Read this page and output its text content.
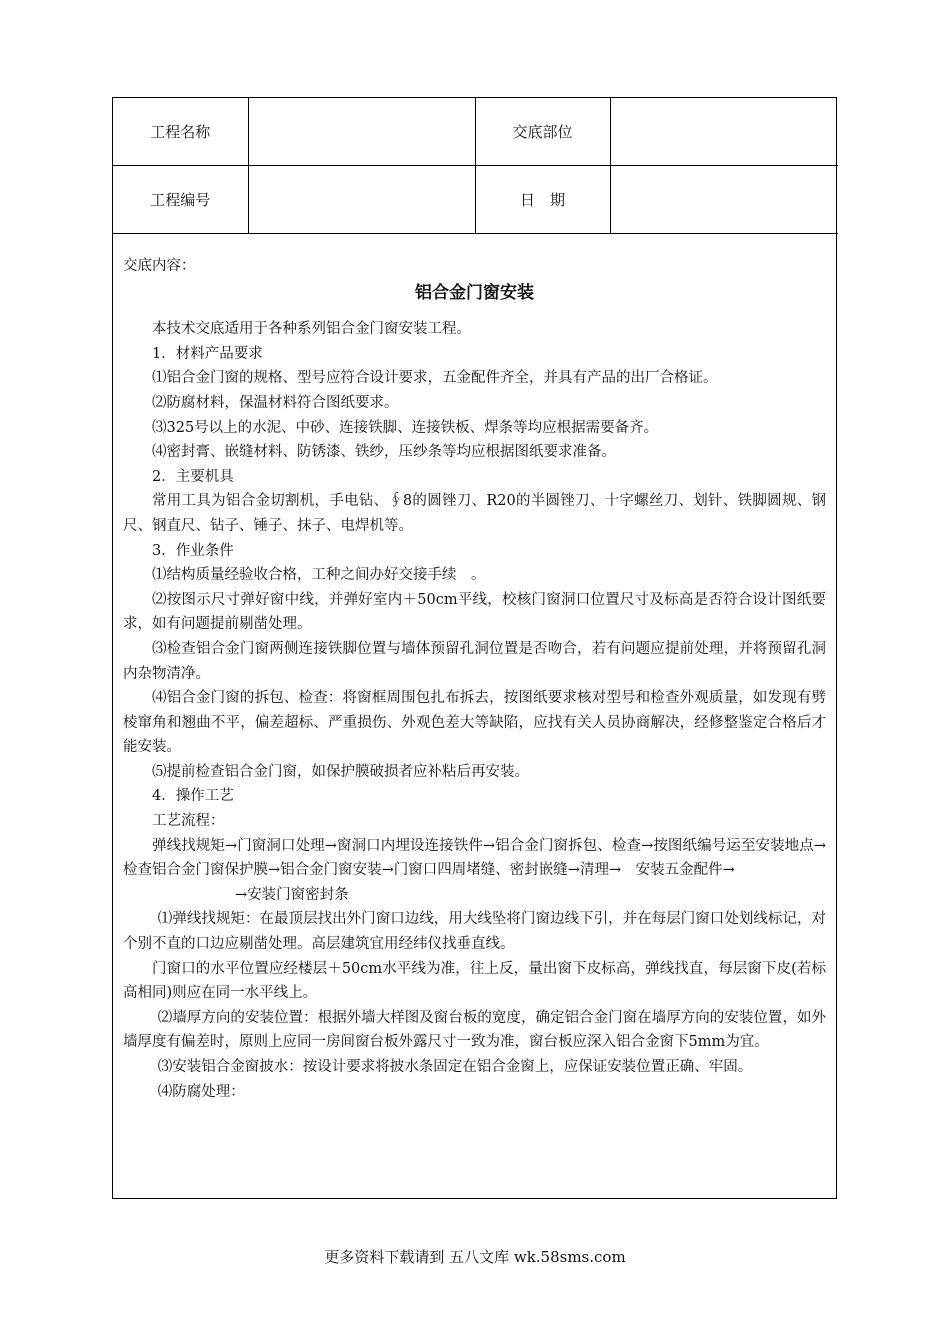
工程名称		交底部位	
工程编号		日　期	

交底内容：

铝合金门窗安装

本技术交底适用于各种系列铝合金门窗安装工程。

1．材料产品要求

⑴铝合金门窗的规格、型号应符合设计要求，五金配件齐全，并具有产品的出厂合格证。

⑵防腐材料，保温材料符合图纸要求。

⑶325号以上的水泥、中砂、连接铁脚、连接铁板、焊条等均应根据需要备齐。

⑷密封膏、嵌缝材料、防锈漆、铁纱，压纱条等均应根据图纸要求准备。

2．主要机具

常用工具为铝合金切割机，手电钻、∮8的圆锉刀、R20的半圆锉刀、十字螺丝刀、划针、铁脚圆规、钢尺、钢直尺、钻子、锤子、抹子、电焊机等。

3．作业条件

⑴结构质量经验收合格，工种之间办好交接手续　。

⑵按图示尺寸弹好窗中线，并弹好室内＋50cm平线，校核门窗洞口位置尺寸及标高是否符合设计图纸要求，如有问题提前剔凿处理。

⑶检查铝合金门窗两侧连接铁脚位置与墙体预留孔洞位置是否吻合，若有问题应提前处理，并将预留孔洞内杂物清净。

⑷铝合金门窗的拆包、检查：将窗框周围包扎布拆去，按图纸要求核对型号和检查外观质量，如发现有劈棱窜角和翘曲不平，偏差超标、严重损伤、外观色差大等缺陷，应找有关人员协商解决，经修整鉴定合格后才能安装。

⑸提前检查铝合金门窗，如保护膜破损者应补粘后再安装。

4．操作工艺

工艺流程：

弹线找规矩→门窗洞口处理→窗洞口内埋设连接铁件→铝合金门窗拆包、检查→按图纸编号运至安装地点→检查铝合金门窗保护膜→铝合金门窗安装→门窗口四周堵缝、密封嵌缝→清理→　安装五金配件→

→安装门窗密封条

⑴弹线找规矩：在最顶层找出外门窗口边线，用大线坠将门窗边线下引，并在每层门窗口处划线标记，对个别不直的口边应剔凿处理。高层建筑宜用经纬仪找垂直线。

门窗口的水平位置应经楼层＋50cm水平线为准，往上反，量出窗下皮标高，弹线找直，每层窗下皮(若标高相同)则应在同一水平线上。

⑵墙厚方向的安装位置：根据外墙大样图及窗台板的宽度，确定铝合金门窗在墙厚方向的安装位置，如外墙厚度有偏差时，原则上应同一房间窗台板外露尺寸一致为准，窗台板应深入铝合金窗下5mm为宜。

⑶安装铝合金窗披水：按设计要求将披水条固定在铝合金窗上，应保证安装位置正确、牢固。

⑷防腐处理：

更多资料下载请到 五八文库 wk.58sms.com
